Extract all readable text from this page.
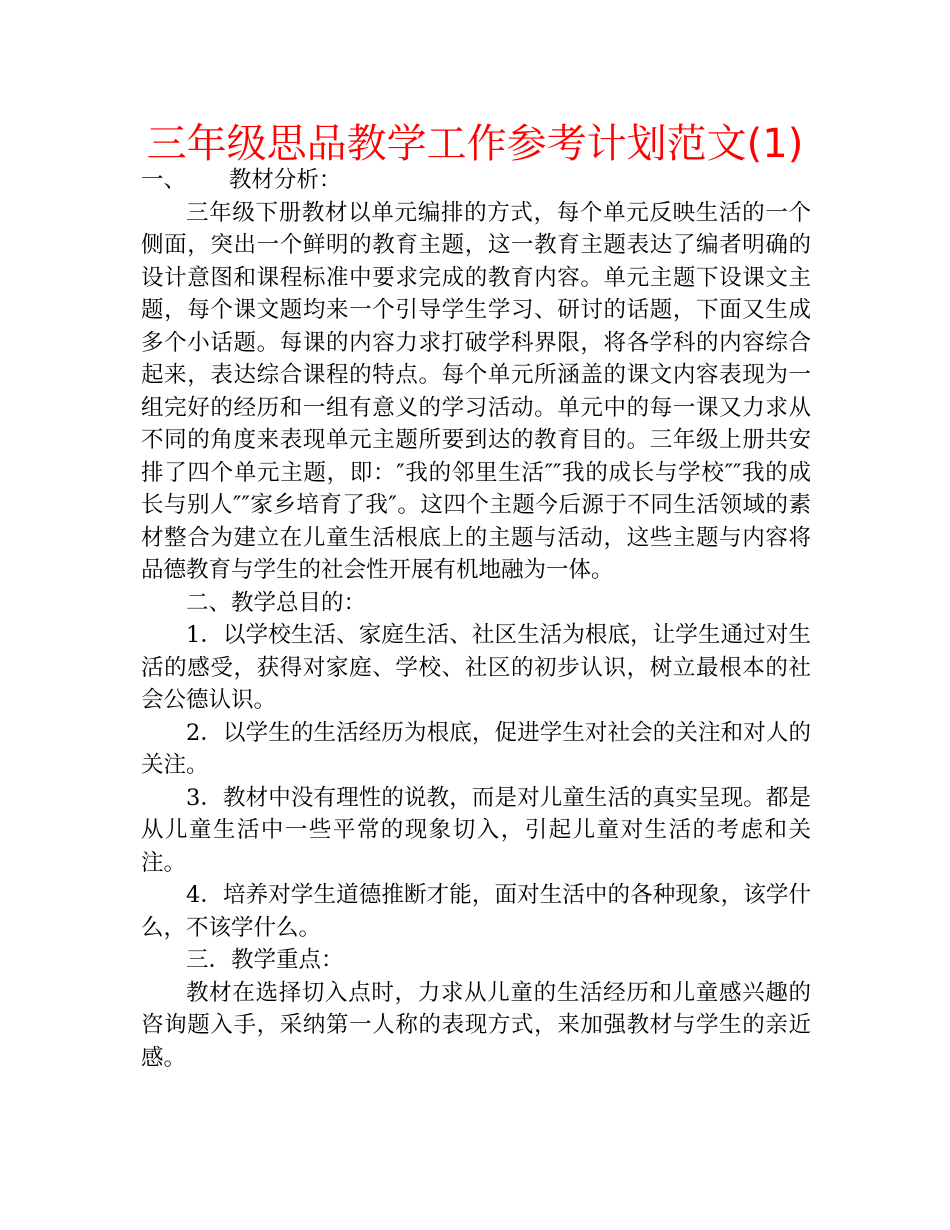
三年级思品教学工作参考计划范文(1)

一、      教材分析：

三年级下册教材以单元编排的方式，每个单元反映生活的一个侧面，突出一个鲜明的教育主题，这一教育主题表达了编者明确的设计意图和课程标准中要求完成的教育内容。单元主题下设课文主题，每个课文题均来一个引导学生学习、研讨的话题，下面又生成多个小话题。每课的内容力求打破学科界限，将各学科的内容综合起来，表达综合课程的特点。每个单元所涵盖的课文内容表现为一组完好的经历和一组有意义的学习活动。单元中的每一课又力求从不同的角度来表现单元主题所要到达的教育目的。三年级上册共安排了四个单元主题，即：″我的邻里生活″″我的成长与学校″″我的成长与别人″″家乡培育了我″。这四个主题今后源于不同生活领域的素材整合为建立在儿童生活根底上的主题与活动，这些主题与内容将品德教育与学生的社会性开展有机地融为一体。

二、教学总目的：

1．以学校生活、家庭生活、社区生活为根底，让学生通过对生活的感受，获得对家庭、学校、社区的初步认识，树立最根本的社会公德认识。

2．以学生的生活经历为根底，促进学生对社会的关注和对人的关注。

3．教材中没有理性的说教，而是对儿童生活的真实呈现。都是从儿童生活中一些平常的现象切入，引起儿童对生活的考虑和关注。

4．培养对学生道德推断才能，面对生活中的各种现象，该学什么，不该学什么。

三．教学重点：

教材在选择切入点时，力求从儿童的生活经历和儿童感兴趣的咨询题入手，采纳第一人称的表现方式，来加强教材与学生的亲近感。
